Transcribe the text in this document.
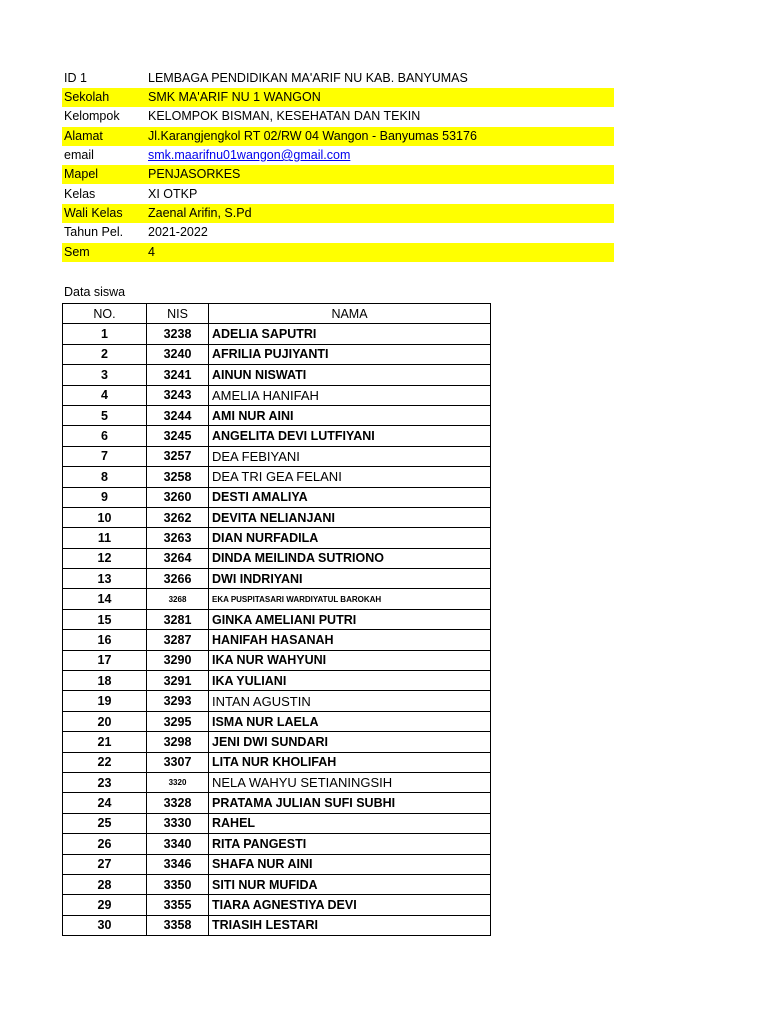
ID 1	LEMBAGA PENDIDIKAN MA'ARIF NU KAB. BANYUMAS
Sekolah	SMK MA'ARIF NU 1 WANGON
Kelompok KELOMPOK BISMAN, KESEHATAN DAN TEKIN
Alamat	Jl.Karangjengkol RT 02/RW 04 Wangon - Banyumas 53176
email	smk.maarifnu01wangon@gmail.com
Mapel	PENJASORKES
Kelas	XI OTKP
Wali Kelas Zaenal Arifin, S.Pd
Tahun Pel. 2021-2022
Sem	4
Data siswa
NO.	NIS	NAMA
1	3238	ADELIA SAPUTRI
2	3240	AFRILIA PUJIYANTI
3	3241	AINUN NISWATI
4	3243	AMELIA HANIFAH
5	3244	AMI NUR AINI
6	3245	ANGELITA DEVI LUTFIYANI
7	3257	DEA FEBIYANI
8	3258	DEA TRI GEA FELANI
9	3260	DESTI AMALIYA
10	3262	DEVITA NELIANJANI
11	3263	DIAN NURFADILA
12	3264	DINDA MEILINDA SUTRIONO
13	3266	DWI INDRIYANI
14	3268	EKA PUSPITASARI WARDIYATUL BAROKAH
15	3281	GINKA AMELIANI PUTRI
16	3287	HANIFAH HASANAH
17	3290	IKA NUR WAHYUNI
18	3291	IKA YULIANI
19	3293	INTAN AGUSTIN
20	3295	ISMA NUR LAELA
21	3298	JENI DWI SUNDARI
22	3307	LITA NUR KHOLIFAH
23	3320	NELA WAHYU SETIANINGSIH
24	3328	PRATAMA JULIAN SUFI SUBHI
25	3330	RAHEL
26	3340	RITA PANGESTI
27	3346	SHAFA NUR AINI
28	3350	SITI NUR MUFIDA
29	3355	TIARA AGNESTIYA DEVI
30	3358	TRIASIH LESTARI
